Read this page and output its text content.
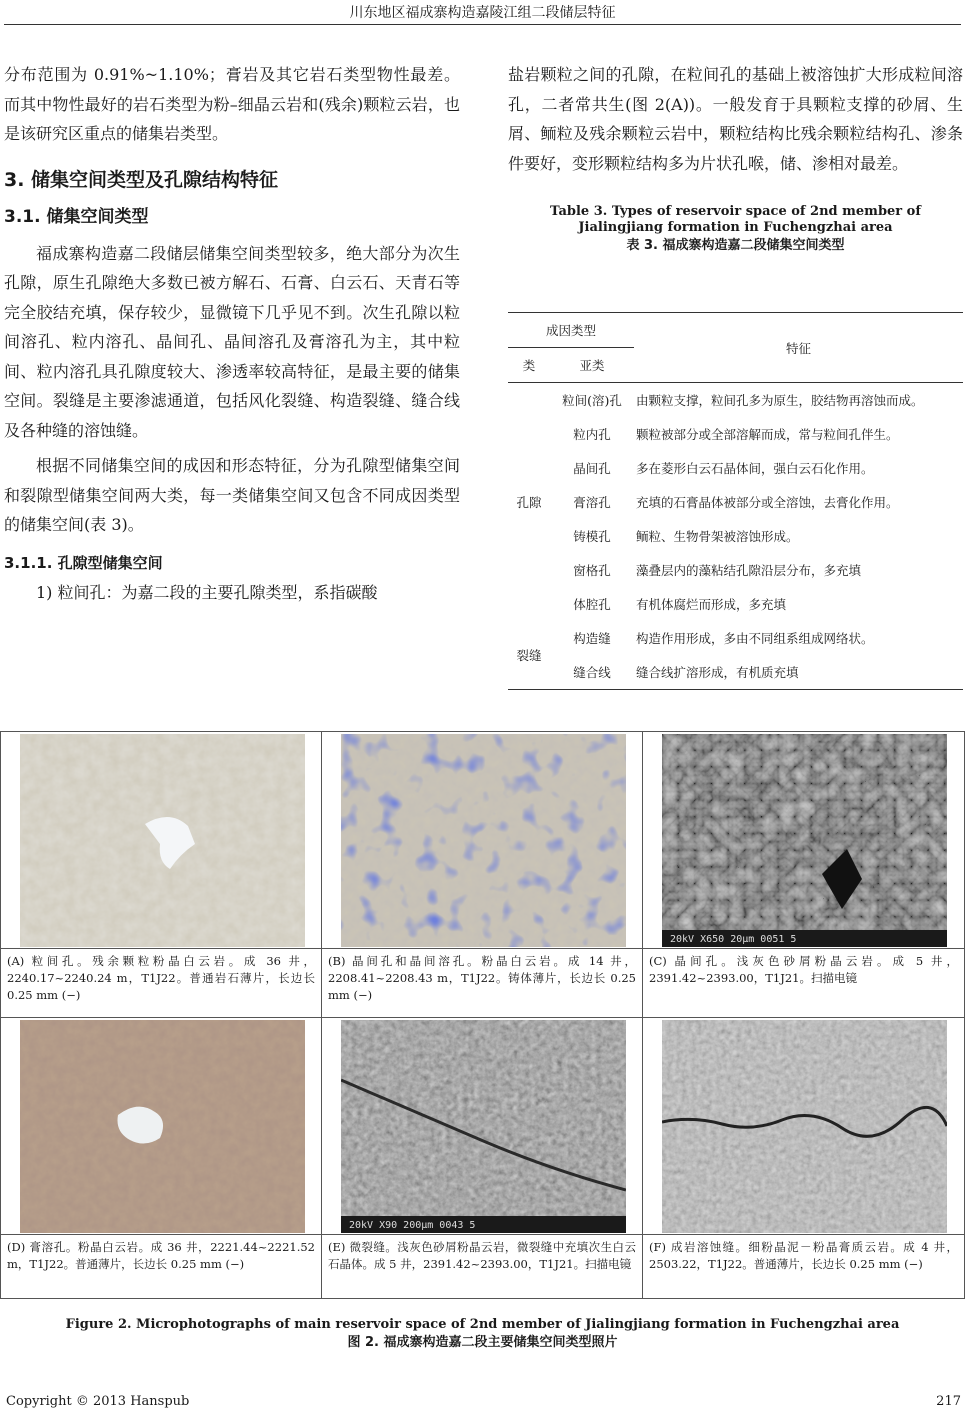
川东地区福成寨构造嘉陵江组二段储层特征

分布范围为 0.91%~1.10%；膏岩及其它岩石类型物性最差。而其中物性最好的岩石类型为粉–细晶云岩和(残余)颗粒云岩，也是该研究区重点的储集岩类型。

3. 储集空间类型及孔隙结构特征
3.1. 储集空间类型

福成寨构造嘉二段储层储集空间类型较多，绝大部分为次生孔隙，原生孔隙绝大多数已被方解石、石膏、白云石、天青石等完全胶结充填，保存较少，显微镜下几乎见不到。次生孔隙以粒间溶孔、粒内溶孔、晶间孔、晶间溶孔及膏溶孔为主，其中粒间、粒内溶孔具孔隙度较大、渗透率较高特征，是最主要的储集空间。裂缝是主要渗滤通道，包括风化裂缝、构造裂缝、缝合线及各种缝的溶蚀缝。

根据不同储集空间的成因和形态特征，分为孔隙型储集空间和裂隙型储集空间两大类，每一类储集空间又包含不同成因类型的储集空间(表 3)。

3.1.1. 孔隙型储集空间

1) 粒间孔：为嘉二段的主要孔隙类型，系指碳酸

盐岩颗粒之间的孔隙，在粒间孔的基础上被溶蚀扩大形成粒间溶孔，二者常共生(图 2(A))。一般发育于具颗粒支撑的砂屑、生屑、鲕粒及残余颗粒云岩中，颗粒结构比残余颗粒结构孔、渗条件要好，变形颗粒结构多为片状孔喉，储、渗相对最差。

Table 3. Types of reservoir space of 2nd member of Jialingjiang formation in Fuchengzhai area
表 3. 福成寨构造嘉二段储集空间类型
成因类型		特征
类	亚类	
孔隙	粒间(溶)孔	由颗粒支撑，粒间孔多为原生，胶结物再溶蚀而成。
	粒内孔	颗粒被部分或全部溶解而成，常与粒间孔伴生。
	晶间孔	多在菱形白云石晶体间，强白云石化作用。
	膏溶孔	充填的石膏晶体被部分或全溶蚀，去膏化作用。
	铸模孔	鲕粒、生物骨架被溶蚀形成。
	窗格孔	藻叠层内的藻粘结孔隙沿层分布，多充填
	体腔孔	有机体腐烂而形成，多充填
裂缝	构造缝	构造作用形成，多由不同组系组成网络状。
	缝合线	缝合线扩溶形成，有机质充填
20kV X650 20μm 0051 5
(A) 粒间孔。残余颗粒粉晶白云岩。成 36 井，2240.17~2240.24 m，T1J22。普通岩石薄片，长边长 0.25 mm (−)
(B) 晶间孔和晶间溶孔。粉晶白云岩。成 14 井，2208.41~2208.43 m，T1J22。铸体薄片，长边长 0.25 mm (−)
(C) 晶间孔。浅灰色砂屑粉晶云岩。成 5 井，2391.42~2393.00，T1J21。扫描电镜
20kV X90 200μm 0043 5
(D) 膏溶孔。粉晶白云岩。成 36 井，2221.44~2221.52 m，T1J22。普通薄片，长边长 0.25 mm (−)
(E) 微裂缝。浅灰色砂屑粉晶云岩，微裂缝中充填次生白云石晶体。成 5 井，2391.42~2393.00，T1J21。扫描电镜
(F) 成岩溶蚀缝。细粉晶泥－粉晶膏质云岩。成 4 井，2503.22，T1J22。普通薄片，长边长 0.25 mm (−)
Figure 2. Microphotographs of main reservoir space of 2nd member of Jialingjiang formation in Fuchengzhai area
图 2. 福成寨构造嘉二段主要储集空间类型照片
Copyright © 2013 Hanspub	217
